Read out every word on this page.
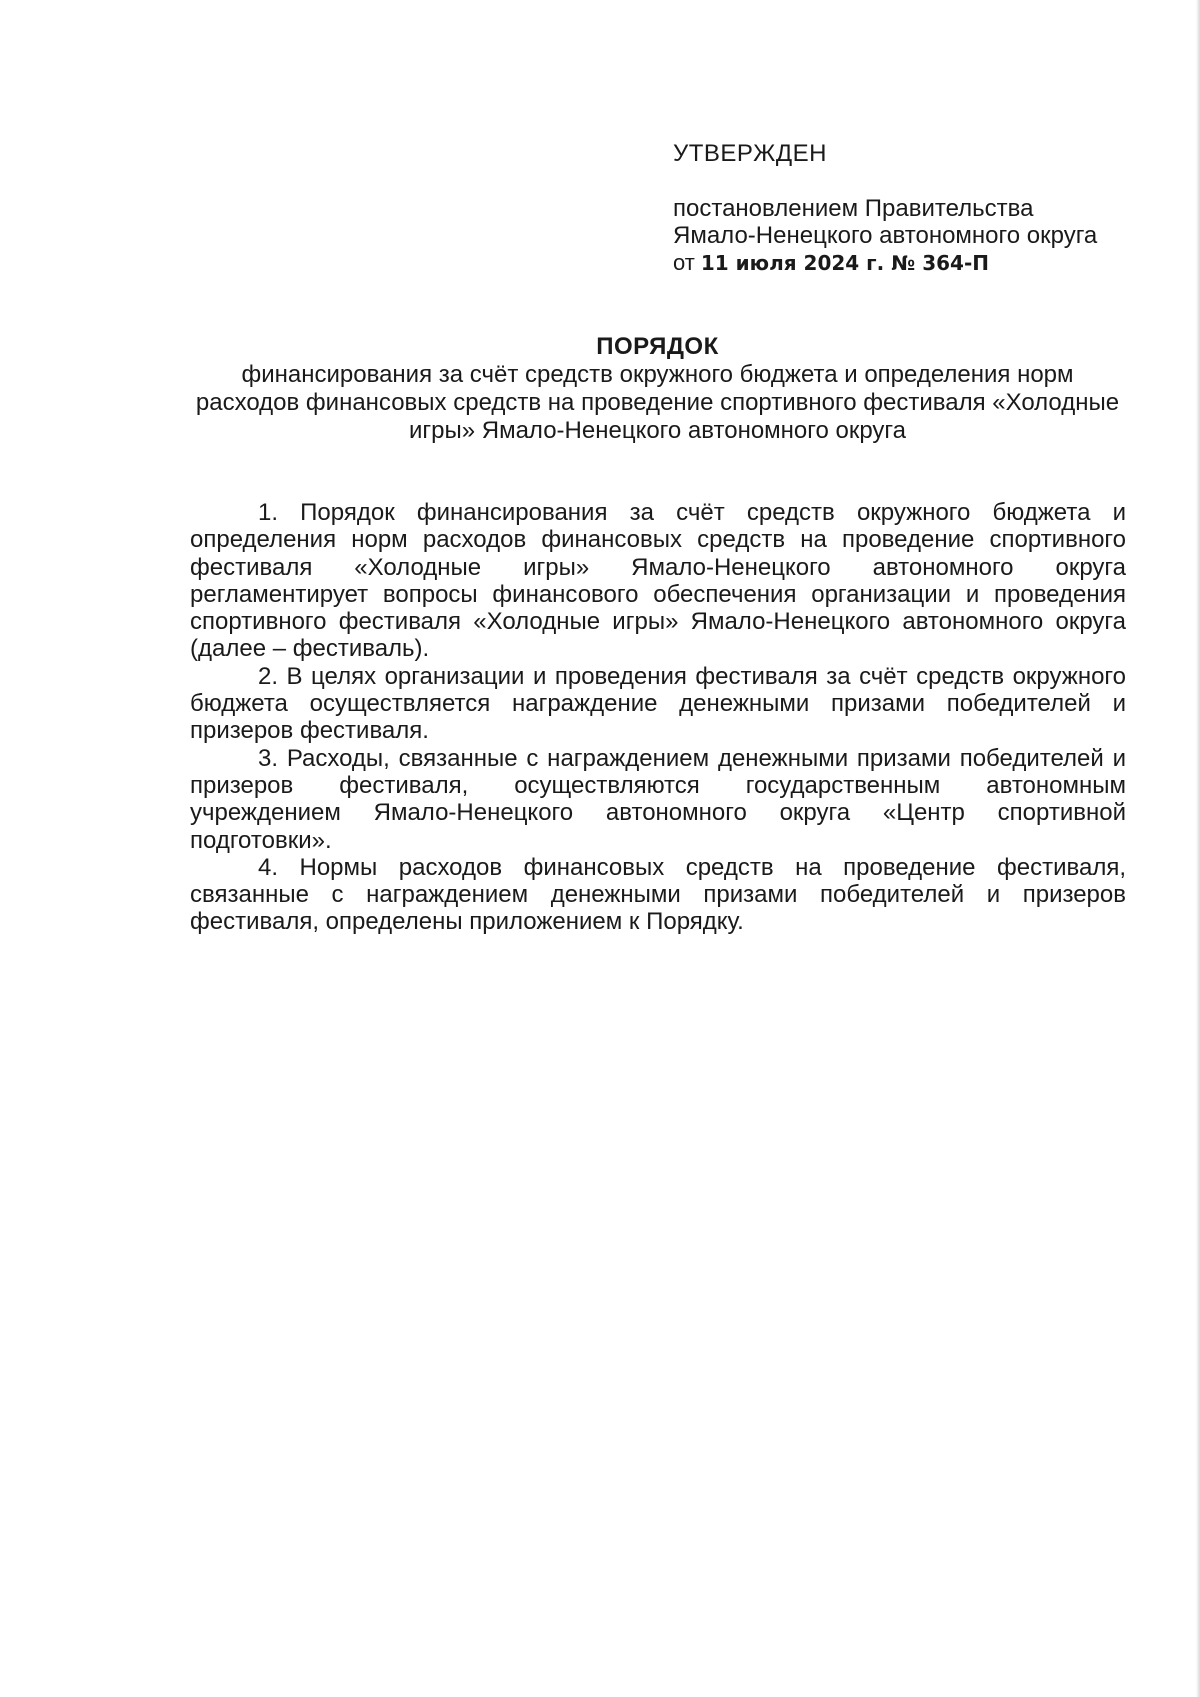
УТВЕРЖДЕН
постановлением Правительства
Ямало-Ненецкого автономного округа
от 11 июля 2024 г. № 364-П
ПОРЯДОК
финансирования за счёт средств окружного бюджета и определения норм расходов финансовых средств на проведение спортивного фестиваля «Холодные игры» Ямало-Ненецкого автономного округа

1. Порядок финансирования за счёт средств окружного бюджета и определения норм расходов финансовых средств на проведение спортивного фестиваля «Холодные игры» Ямало-Ненецкого автономного округа регламентирует вопросы финансового обеспечения организации и проведения спортивного фестиваля «Холодные игры» Ямало-Ненецкого автономного округа (далее – фестиваль).

2. В целях организации и проведения фестиваля за счёт средств окружного бюджета осуществляется награждение денежными призами победителей и призеров фестиваля.

3. Расходы, связанные с награждением денежными призами победителей и призеров фестиваля, осуществляются государственным автономным учреждением Ямало-Ненецкого автономного округа «Центр спортивной подготовки».

4. Нормы расходов финансовых средств на проведение фестиваля, связанные с награждением денежными призами победителей и призеров фестиваля, определены приложением к Порядку.
